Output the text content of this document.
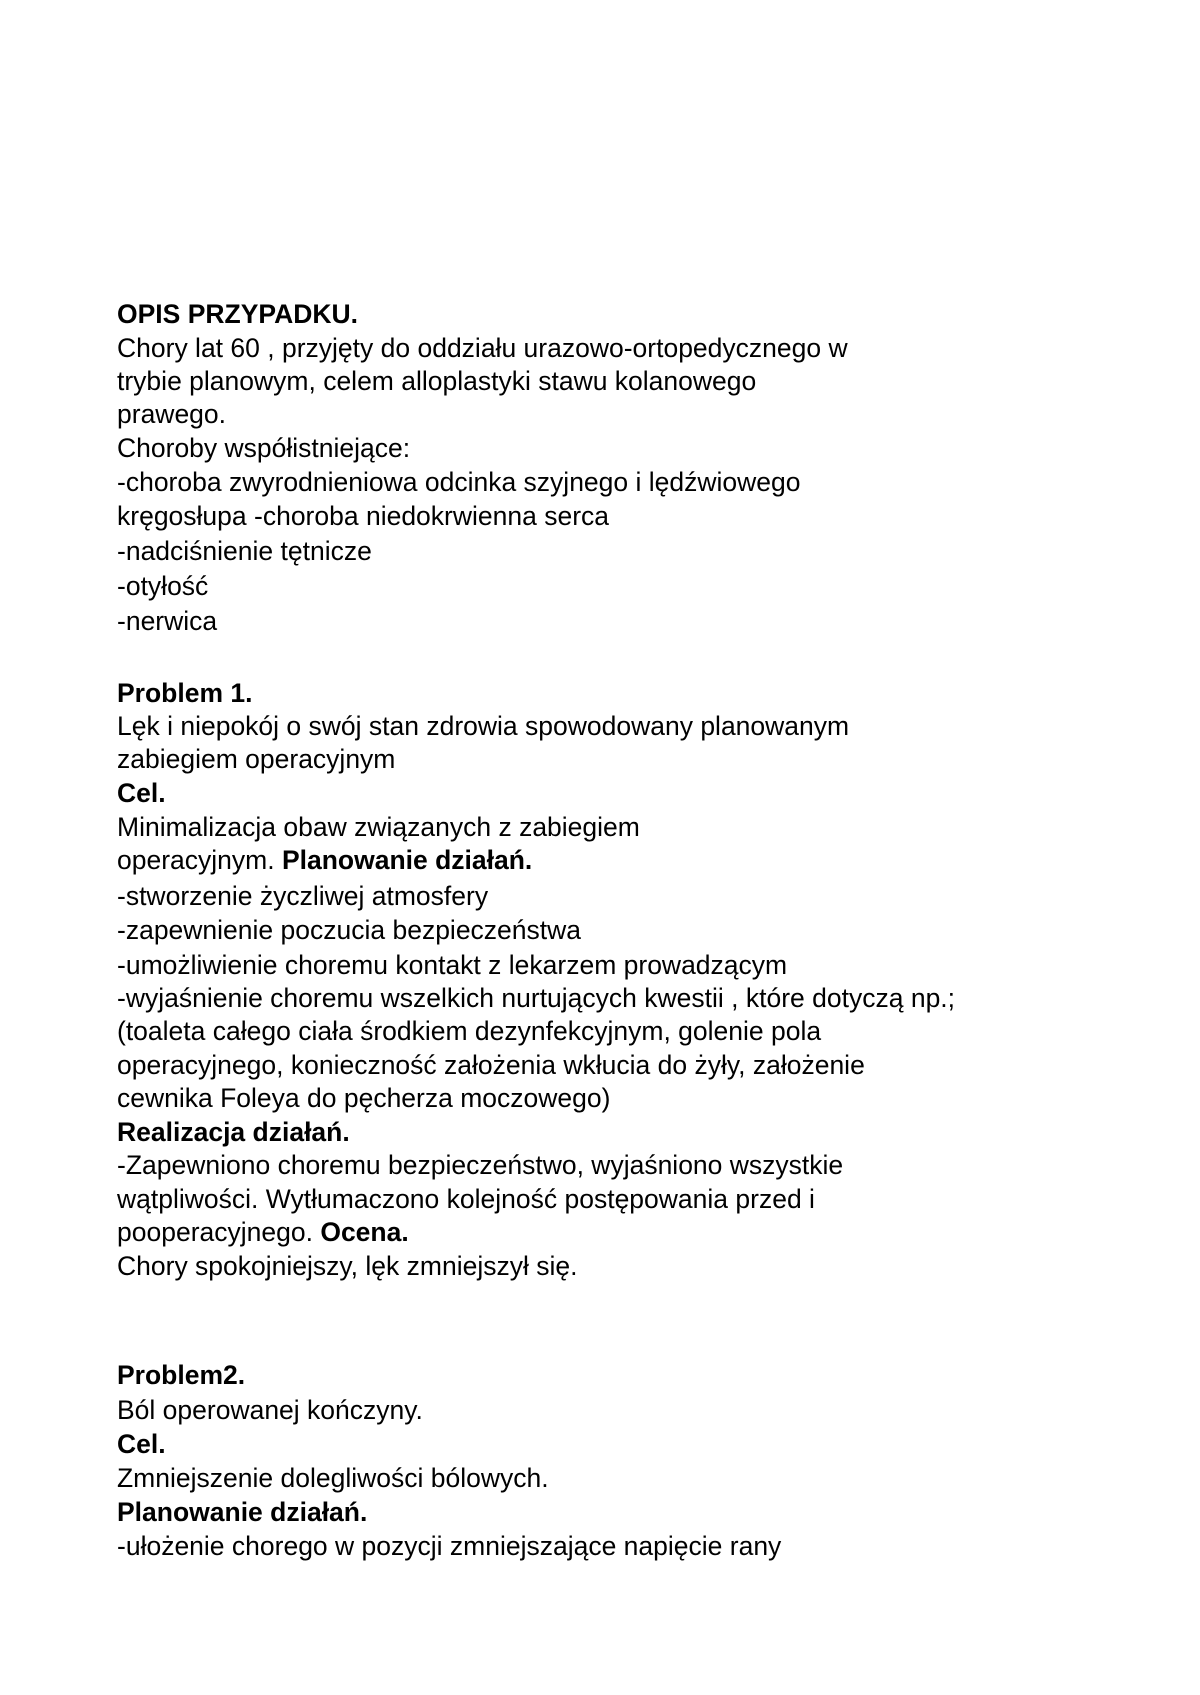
OPIS PRZYPADKU.

Chory lat 60 , przyjęty do oddziału urazowo-ortopedycznego w

trybie planowym, celem alloplastyki stawu kolanowego

prawego.

Choroby współistniejące:

-choroba zwyrodnieniowa odcinka szyjnego i lędźwiowego

kręgosłupa -choroba niedokrwienna serca

-nadciśnienie tętnicze

-otyłość

-nerwica

Problem 1.

Lęk i niepokój o swój stan zdrowia spowodowany planowanym

zabiegiem operacyjnym

Cel.

Minimalizacja obaw związanych z zabiegiem

operacyjnym. Planowanie działań.

-stworzenie życzliwej atmosfery

-zapewnienie poczucia bezpieczeństwa

-umożliwienie choremu kontakt z lekarzem prowadzącym

-wyjaśnienie choremu wszelkich nurtujących kwestii , które dotyczą np.;

(toaleta całego ciała środkiem dezynfekcyjnym, golenie pola

operacyjnego, konieczność założenia wkłucia do żyły, założenie

cewnika Foleya do pęcherza moczowego)

Realizacja działań.

-Zapewniono choremu bezpieczeństwo, wyjaśniono wszystkie

wątpliwości. Wytłumaczono kolejność postępowania przed i

pooperacyjnego. Ocena.

Chory spokojniejszy, lęk zmniejszył się.

Problem2.

Ból operowanej kończyny.

Cel.

Zmniejszenie dolegliwości bólowych.

Planowanie działań.

-ułożenie chorego w pozycji zmniejszające napięcie rany
